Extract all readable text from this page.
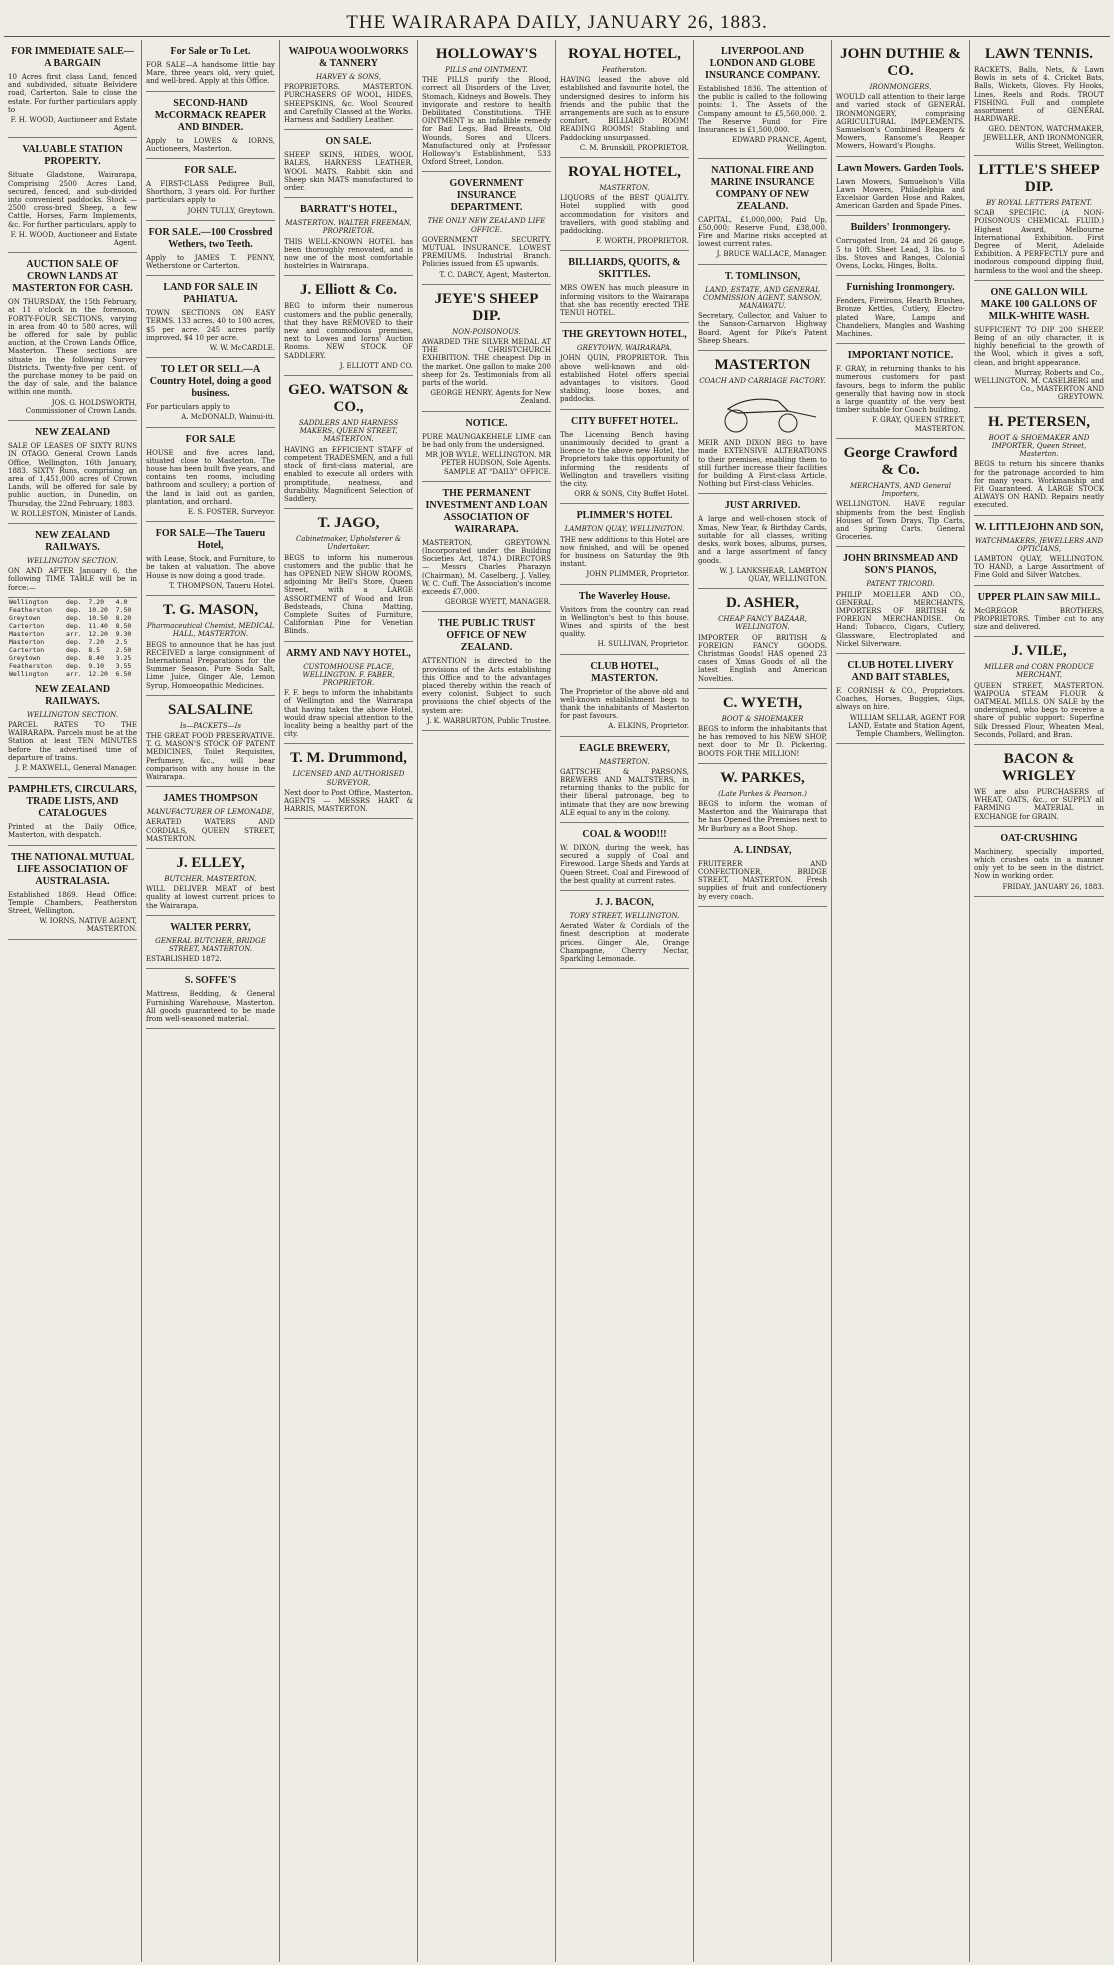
THE WAIRARAPA DAILY, JANUARY 26, 1883.
FOR IMMEDIATE SALE—A BARGAIN
10 Acres first class Land, fenced and subdivided, situate Belvidere road, Carterton. Sale to close the estate. For further particulars apply to
F. H. WOOD, Auctioneer and Estate Agent.
VALUABLE STATION PROPERTY.
Situate Gladstone, Wairarapa, Comprising 2500 Acres Land, secured, fenced, and sub-divided into convenient paddocks. Stock — 2500 cross-bred Sheep, a few Cattle, Horses, Farm Implements, &c. For further particulars, apply to
F. H. WOOD, Auctioneer and Estate Agent.
AUCTION SALE OF CROWN LANDS AT MASTERTON FOR CASH.
ON THURSDAY, the 15th February, at 11 o'clock in the forenoon, FORTY-FOUR SECTIONS, varying in area from 40 to 580 acres, will be offered for sale by public auction, at the Crown Lands Office, Masterton. These sections are situate in the following Survey Districts. Twenty-five per cent. of the purchase money to be paid on the day of sale, and the balance within one month.
JOS. G. HOLDSWORTH, Commissioner of Crown Lands.
NEW ZEALAND
SALE OF LEASES OF SIXTY RUNS IN OTAGO. General Crown Lands Office, Wellington, 16th January, 1883. SIXTY Runs, comprising an area of 1,451,000 acres of Crown Lands, will be offered for sale by public auction, in Dunedin, on Thursday, the 22nd February, 1883.
W. ROLLESTON, Minister of Lands.
NEW ZEALAND RAILWAYS.
WELLINGTON SECTION.
ON AND AFTER January 6, the following TIME TABLE will be in force:—
Wellington	dep.	7.20	4.0
Featherston	dep.	10.20	7.50
Greytown	dep.	10.50	8.20
Carterton	dep.	11.40	8.50
Masterton	arr.	12.20	9.30
Masterton	dep.	7.20	2.5
Carterton	dep.	8.5	2.50
Greytown	dep.	8.40	3.25
Featherston	dep.	9.10	3.55
Wellington	arr.	12.20	6.50
NEW ZEALAND RAILWAYS.
WELLINGTON SECTION.
PARCEL RATES TO THE WAIRARAPA. Parcels must be at the Station at least TEN MINUTES before the advertised time of departure of trains.
J. P. MAXWELL, General Manager.
PAMPHLETS, CIRCULARS, TRADE LISTS, AND CATALOGUES
Printed at the Daily Office, Masterton, with despatch.
THE NATIONAL MUTUAL LIFE ASSOCIATION OF AUSTRALASIA.
Established 1869. Head Office: Temple Chambers, Featherston Street, Wellington.
W. IORNS, NATIVE AGENT, MASTERTON.
For Sale or To Let.
FOR SALE—A handsome little bay Mare, three years old, very quiet, and well-bred. Apply at this Office.
SECOND-HAND McCORMACK REAPER AND BINDER.
Apply to LOWES & IORNS, Auctioneers, Masterton.
FOR SALE.
A FIRST-CLASS Pedigree Bull, Shorthorn, 3 years old. For further particulars apply to
JOHN TULLY, Greytown.
FOR SALE.—100 Crossbred Wethers, two Teeth.
Apply to JAMES T. PENNY, Wetherstone or Carterton.
LAND FOR SALE IN PAHIATUA.
TOWN SECTIONS ON EASY TERMS. 133 acres, 40 to 100 acres, $5 per acre. 245 acres partly improved, $4 10 per acre.
W. W. McCARDLE.
TO LET OR SELL—A Country Hotel, doing a good business.
For particulars apply to
A. McDONALD, Wainui-iti.
FOR SALE
HOUSE and five acres land, situated close to Masterton. The house has been built five years, and contains ten rooms, including bathroom and scullery; a portion of the land is laid out as garden, plantation, and orchard.
E. S. FOSTER, Surveyor.
FOR SALE—The Taueru Hotel,
with Lease, Stock, and Furniture, to be taken at valuation. The above House is now doing a good trade.
T. THOMPSON, Taueru Hotel.
T. G. MASON,
Pharmaceutical Chemist, MEDICAL HALL, MASTERTON.
BEGS to announce that he has just RECEIVED a large consignment of International Preparations for the Summer Season. Pure Soda Salt, Lime Juice, Ginger Ale, Lemon Syrup, Homoeopathic Medicines.
SALSALINE
Is—PACKETS—Is
THE GREAT FOOD PRESERVATIVE. T. G. MASON'S STOCK OF PATENT MEDICINES, Toilet Requisites, Perfumery, &c., will bear comparison with any house in the Wairarapa.
JAMES THOMPSON
MANUFACTURER OF LEMONADE,
AERATED WATERS AND CORDIALS, QUEEN STREET, MASTERTON.
J. ELLEY,
BUTCHER, MASTERTON,
WILL DELIVER MEAT of best quality at lowest current prices to the Wairarapa.
WALTER PERRY,
GENERAL BUTCHER, BRIDGE STREET, MASTERTON.
ESTABLISHED 1872.
S. SOFFE'S
Mattress, Bedding, & General Furnishing Warehouse, Masterton. All goods guaranteed to be made from well-seasoned material.
WAIPOUA WOOLWORKS & TANNERY
HARVEY & SONS,
PROPRIETORS. MASTERTON. PURCHASERS OF WOOL, HIDES, SHEEPSKINS, &c. Wool Scoured and Carefully Classed at the Works. Harness and Saddlery Leather.
ON SALE.
SHEEP SKINS, HIDES, WOOL BALES, HARNESS LEATHER, WOOL MATS. Rabbit skin and Sheep skin MATS manufactured to order.
BARRATT'S HOTEL,
MASTERTON. WALTER FREEMAN, PROPRIETOR.
THIS WELL-KNOWN HOTEL has been thoroughly renovated, and is now one of the most comfortable hostelries in Wairarapa.
J. Elliott & Co.
BEG to inform their numerous customers and the public generally, that they have REMOVED to their new and commodious premises, next to Lowes and Iorns' Auction Rooms. NEW STOCK OF SADDLERY.
J. ELLIOTT AND CO.
GEO. WATSON & CO.,
SADDLERS AND HARNESS MAKERS, QUEEN STREET, MASTERTON.
HAVING an EFFICIENT STAFF of competent TRADESMEN, and a full stock of first-class material, are enabled to execute all orders with promptitude, neatness, and durability. Magnificent Selection of Saddlery.
T. JAGO,
Cabinetmaker, Upholsterer & Undertaker.
BEGS to inform his numerous customers and the public that he has OPENED NEW SHOW ROOMS, adjoining Mr Bell's Store, Queen Street, with a LARGE ASSORTMENT of Wood and Iron Bedsteads, China Matting, Complete Suites of Furniture, Californian Pine for Venetian Blinds.
ARMY AND NAVY HOTEL,
CUSTOMHOUSE PLACE, WELLINGTON. F. FABER, PROPRIETOR.
F. F. begs to inform the inhabitants of Wellington and the Wairarapa that having taken the above Hotel, would draw special attention to the locality being a healthy part of the city.
T. M. Drummond,
LICENSED AND AUTHORISED SURVEYOR,
Next door to Post Office, Masterton. AGENTS — MESSRS HART & HARRIS, MASTERTON.
HOLLOWAY'S
PILLS and OINTMENT.
THE PILLS purify the Blood, correct all Disorders of the Liver, Stomach, Kidneys and Bowels. They invigorate and restore to health Debilitated Constitutions. THE OINTMENT is an infallible remedy for Bad Legs, Bad Breasts, Old Wounds, Sores and Ulcers. Manufactured only at Professor Holloway's Establishment, 533 Oxford Street, London.
GOVERNMENT INSURANCE DEPARTMENT.
THE ONLY NEW ZEALAND LIFE OFFICE.
GOVERNMENT SECURITY. MUTUAL INSURANCE. LOWEST PREMIUMS. Industrial Branch. Policies issued from £5 upwards.
T. C. DARCY, Agent, Masterton.
JEYE'S SHEEP DIP.
NON-POISONOUS.
AWARDED THE SILVER MEDAL AT THE CHRISTCHURCH EXHIBITION. THE cheapest Dip in the market. One gallon to make 200 sheep for 2s. Testimonials from all parts of the world.
GEORGE HENRY, Agents for New Zealand.
NOTICE.
PURE MAUNGAKEHELE LIME can be had only from the undersigned.
MR JOB WYLE, WELLINGTON. MR PETER HUDSON, Sole Agents. SAMPLE AT "DAILY" OFFICE.
THE PERMANENT INVESTMENT AND LOAN ASSOCIATION OF WAIRARAPA.
MASTERTON, GREYTOWN. (Incorporated under the Building Societies Act, 1874.) DIRECTORS — Messrs Charles Pharazyn (Chairman), M. Caselberg, J. Valley, W. C. Cuff. The Association's income exceeds £7,000.
GEORGE WYETT, MANAGER.
THE PUBLIC TRUST OFFICE OF NEW ZEALAND.
ATTENTION is directed to the provisions of the Acts establishing this Office and to the advantages placed thereby within the reach of every colonist. Subject to such provisions the chief objects of the system are:
J. K. WARBURTON, Public Trustee.
ROYAL HOTEL,
Featherston.
HAVING leased the above old established and favourite hotel, the undersigned desires to inform his friends and the public that the arrangements are such as to ensure comfort. BILLIARD ROOM! READING ROOMS! Stabling and Paddocking unsurpassed.
C. M. Brunskill, PROPRIETOR.
ROYAL HOTEL,
MASTERTON.
LIQUORS of the BEST QUALITY. Hotel supplied with good accommodation for visitors and travellers, with good stabling and paddocking.
F. WORTH, PROPRIETOR.
BILLIARDS, QUOITS, & SKITTLES.
MRS OWEN has much pleasure in informing visitors to the Wairarapa that she has recently erected THE TENUI HOTEL.
THE GREYTOWN HOTEL,
GREYTOWN, WAIRARAPA.
JOHN QUIN, PROPRIETOR. This above well-known and old-established Hotel offers special advantages to visitors. Good stabling, loose boxes, and paddocks.
CITY BUFFET HOTEL.
The Licensing Bench having unanimously decided to grant a licence to the above new Hotel, the Proprietors take this opportunity of informing the residents of Wellington and travellers visiting the city.
ORR & SONS, City Buffet Hotel.
PLIMMER'S HOTEL
LAMBTON QUAY, WELLINGTON.
THE new additions to this Hotel are now finished, and will be opened for business on Saturday the 9th instant.
JOHN PLIMMER, Proprietor.
The Waverley House.
Visitors from the country can read in Wellington's best to this house. Wines and spirits of the best quality.
H. SULLIVAN, Proprietor.
CLUB HOTEL, MASTERTON.
The Proprietor of the above old and well-known establishment begs to thank the inhabitants of Masterton for past favours.
A. ELKINS, Proprietor.
EAGLE BREWERY,
MASTERTON.
GATTSCHE & PARSONS, BREWERS AND MALTSTERS, in returning thanks to the public for their liberal patronage, beg to intimate that they are now brewing ALE equal to any in the colony.
COAL & WOOD!!!
W. DIXON, during the week, has secured a supply of Coal and Firewood. Large Sheds and Yards at Queen Street. Coal and Firewood of the best quality at current rates.
J. J. BACON,
TORY STREET, WELLINGTON.
Aerated Water & Cordials of the finest description at moderate prices. Ginger Ale, Orange Champagne, Cherry Nectar, Sparkling Lemonade.
LIVERPOOL AND LONDON AND GLOBE INSURANCE COMPANY.
Established 1836. The attention of the public is called to the following points: 1. The Assets of the Company amount to £5,560,000. 2. The Reserve Fund for Fire Insurances is £1,500,000.
EDWARD PRANCE, Agent, Wellington.
NATIONAL FIRE AND MARINE INSURANCE COMPANY OF NEW ZEALAND.
CAPITAL, £1,000,000; Paid Up, £50,000; Reserve Fund, £38,000. Fire and Marine risks accepted at lowest current rates.
J. BRUCE WALLACE, Manager.
T. TOMLINSON,
LAND, ESTATE, AND GENERAL COMMISSION AGENT, SANSON, MANAWATU.
Secretary, Collector, and Valuer to the Sanson-Carnarvon Highway Board. Agent for Pike's Patent Sheep Shears.
MASTERTON
COACH AND CARRIAGE FACTORY.
MEIR AND DIXON BEG to have made EXTENSIVE ALTERATIONS to their premises, enabling them to still further increase their facilities for building A First-class Article. Nothing but First-class Vehicles.
JUST ARRIVED.
A large and well-chosen stock of Xmas, New Year, & Birthday Cards, suitable for all classes, writing desks, work boxes, albums, purses, and a large assortment of fancy goods.
W. J. LANKSHEAR, LAMBTON QUAY, WELLINGTON.
D. ASHER,
CHEAP FANCY BAZAAR, WELLINGTON.
IMPORTER OF BRITISH & FOREIGN FANCY GOODS. Christmas Goods! HAS opened 23 cases of Xmas Goods of all the latest English and American Novelties.
C. WYETH,
BOOT & SHOEMAKER
BEGS to inform the inhabitants that he has removed to his NEW SHOP, next door to Mr D. Pickering. BOOTS FOR THE MILLION!
W. PARKES,
(Late Parkes & Pearson.)
BEGS to inform the woman of Masterton and the Wairarapa that he has Opened the Premises next to Mr Burbury as a Boot Shop.
A. LINDSAY,
FRUITERER AND CONFECTIONER, BRIDGE STREET, MASTERTON. Fresh supplies of fruit and confectionery by every coach.
JOHN DUTHIE & CO.
IRONMONGERS,
WOULD call attention to their large and varied stock of GENERAL IRONMONGERY, comprising AGRICULTURAL IMPLEMENTS. Samuelson's Combined Reapers & Mowers, Ransome's Reaper Mowers, Howard's Ploughs.
Lawn Mowers. Garden Tools.
Lawn Mowers, Samuelson's Villa Lawn Mowers, Philadelphia and Excelsior Garden Hose and Rakes, American Garden and Spade Pines.
Builders' Ironmongery.
Corrugated Iron, 24 and 26 gauge, 5 to 10ft. Sheet Lead, 3 lbs. to 5 lbs. Stoves and Ranges, Colonial Ovens, Locks, Hinges, Bolts.
Furnishing Ironmongery.
Fenders, Fireirons, Hearth Brushes, Bronze Kettles, Cutlery, Electro-plated Ware, Lamps and Chandeliers, Mangles and Washing Machines.
IMPORTANT NOTICE.
F. GRAY, in returning thanks to his numerous customers for past favours, begs to inform the public generally that having now in stock a large quantity of the very best timber suitable for Coach building.
F. GRAY, QUEEN STREET, MASTERTON.
George Crawford & Co.
MERCHANTS, AND General Importers,
WELLINGTON. HAVE regular shipments from the best English Houses of Town Drays, Tip Carts, and Spring Carts. General Groceries.
JOHN BRINSMEAD AND SON'S PIANOS,
PATENT TRICORD.
PHILIP MOELLER AND CO., GENERAL MERCHANTS, IMPORTERS OF BRITISH & FOREIGN MERCHANDISE. On Hand: Tobacco, Cigars, Cutlery, Glassware, Electroplated and Nickel Silverware.
CLUB HOTEL LIVERY AND BAIT STABLES,
F. CORNISH & CO., Proprietors. Coaches, Horses, Buggies, Gigs, always on hire.
WILLIAM SELLAR, AGENT FOR LAND, Estate and Station Agent, Temple Chambers, Wellington.
LAWN TENNIS.
RACKETS, Balls, Nets, & Lawn Bowls in sets of 4. Cricket Bats, Balls, Wickets, Gloves. Fly Hooks, Lines, Reels and Rods. TROUT FISHING. Full and complete assortment of GENERAL HARDWARE.
GEO. DENTON, WATCHMAKER, JEWELLER, AND IRONMONGER, Willis Street, Wellington.
LITTLE'S SHEEP DIP.
BY ROYAL LETTERS PATENT.
SCAB SPECIFIC. (A NON-POISONOUS CHEMICAL FLUID.) Highest Award, Melbourne International Exhibition. First Degree of Merit, Adelaide Exhibition. A PERFECTLY pure and inodorous compound dipping fluid, harmless to the wool and the sheep.
ONE GALLON WILL MAKE 100 GALLONS OF MILK-WHITE WASH.
SUFFICIENT TO DIP 200 SHEEP. Being of an oily character, it is highly beneficial to the growth of the Wool, which it gives a soft, clean, and bright appearance.
Murray, Roberts and Co., WELLINGTON. M. CASELBERG and Co., MASTERTON AND GREYTOWN.
H. PETERSEN,
BOOT & SHOEMAKER AND IMPORTER, Queen Street, Masterton.
BEGS to return his sincere thanks for the patronage accorded to him for many years. Workmanship and Fit Guaranteed. A LARGE STOCK ALWAYS ON HAND. Repairs neatly executed.
W. LITTLEJOHN AND SON,
WATCHMAKERS, JEWELLERS AND OPTICIANS,
LAMBTON QUAY, WELLINGTON. TO HAND, a Large Assortment of Fine Gold and Silver Watches.
UPPER PLAIN SAW MILL.
McGREGOR BROTHERS, PROPRIETORS. Timber cut to any size and delivered.
J. VILE,
MILLER and CORN PRODUCE MERCHANT,
QUEEN STREET, MASTERTON. WAIPOUA STEAM FLOUR & OATMEAL MILLS. ON SALE by the undersigned, who begs to receive a share of public support: Superfine Silk Dressed Flour, Wheaten Meal, Seconds, Pollard, and Bran.
BACON & WRIGLEY
WE are also PURCHASERS of WHEAT, OATS, &c., or SUPPLY all FARMING MATERIAL in EXCHANGE for GRAIN.
OAT-CRUSHING
Machinery, specially imported, which crushes oats in a manner only yet to be seen in the district. Now in working order.
FRIDAY, JANUARY 26, 1883.
